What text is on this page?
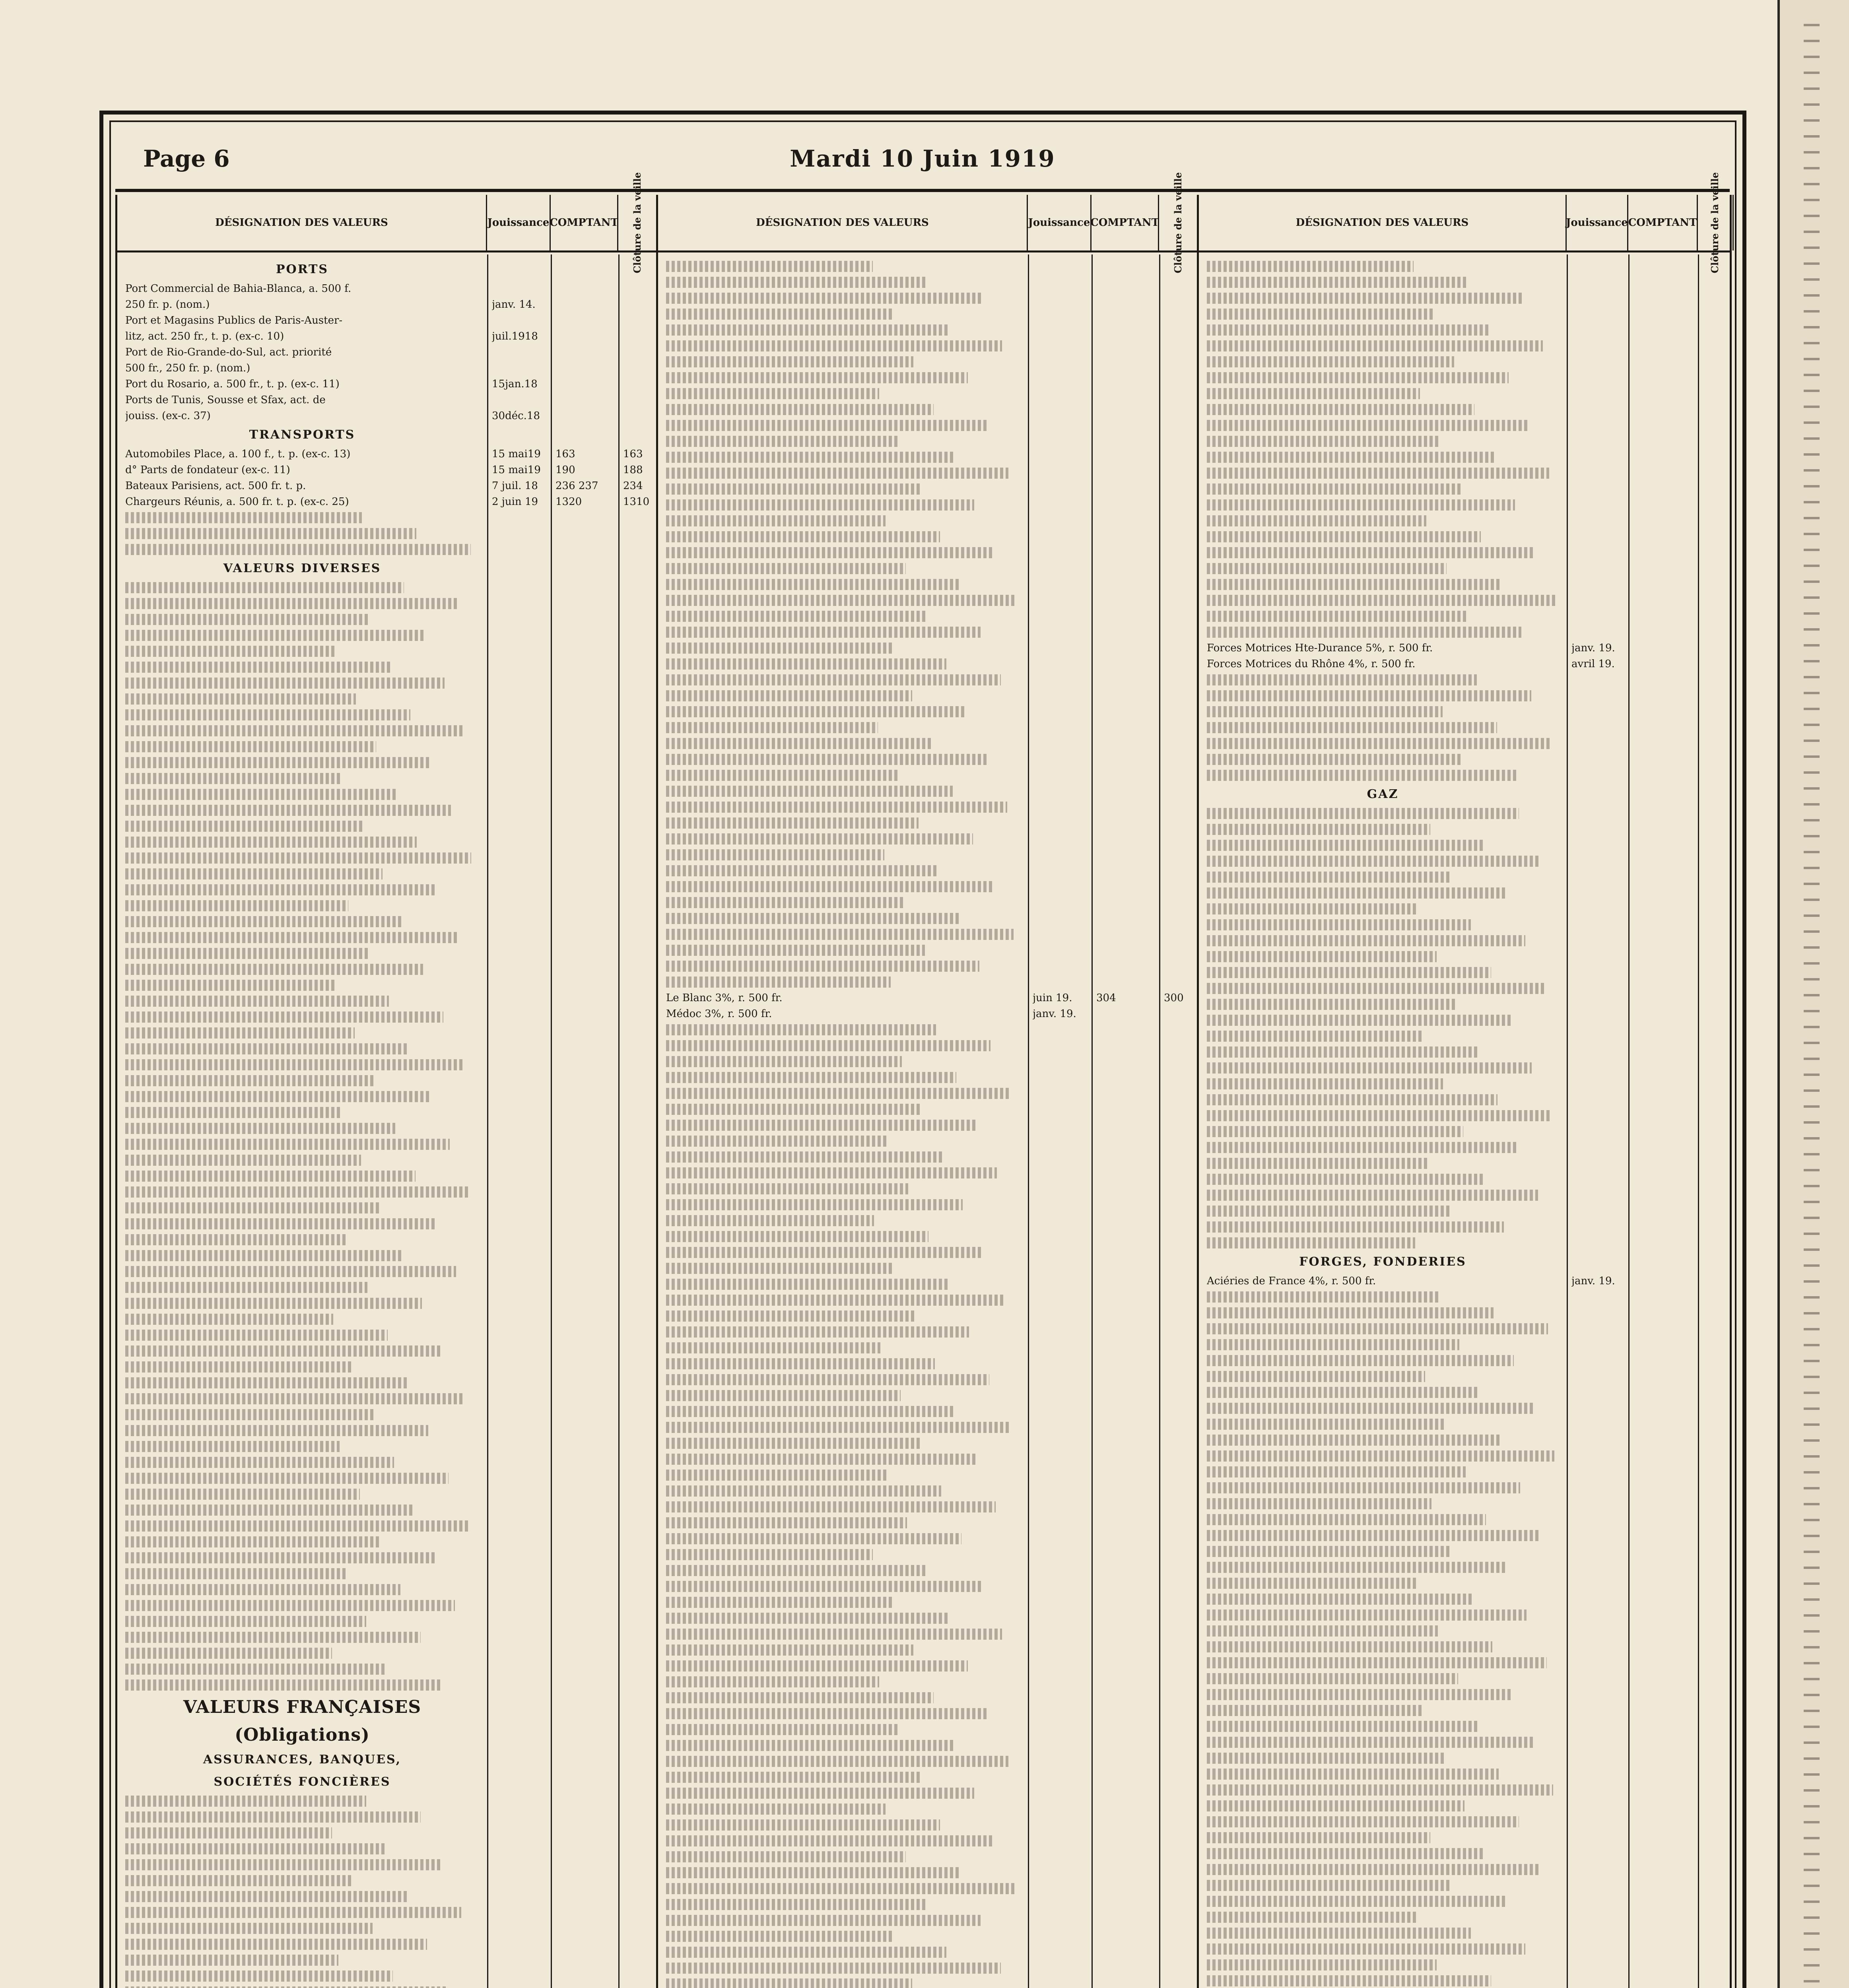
Page 6	Mardi 10 Juin 1919
DÉSIGNATION DES VALEURS	Jouissance COMPTANT Clôture de la veille
PORTS
Port Commercial de Bahia-Blanca, a. 500 f.
250 fr. p. (nom.)	janv. 14.
Port et Magasins Publics de Paris-Auster-
litz, act. 250 fr., t. p. (ex-c. 10)	juil.1918
Port de Rio-Grande-do-Sul, act. priorité
500 fr., 250 fr. p. (nom.)
Port du Rosario, a. 500 fr., t. p. (ex-c. 11)	15jan.18
Ports de Tunis, Sousse et Sfax, act. de
jouiss. (ex-c. 37)	30déc.18
TRANSPORTS
Automobiles Place, a. 100 f., t. p. (ex-c. 13)	15 mai19	163	163
d° Parts de fondateur (ex-c. 11)	15 mai19	190	188
Bateaux Parisiens, act. 500 fr. t. p.	7 juil. 18	236 237	234
Chargeurs Réunis, a. 500 fr. t. p. (ex-c. 25)	2 juin 19	1320	1310
VALEURS DIVERSES
VALEURS FRANÇAISES
(Obligations)
ASSURANCES, BANQUES,
SOCIÉTÉS FONCIÈRES
DÉSIGNATION DES VALEURS	Jouissance COMPTANT Clôture de la veille
Le Blanc 3%, r. 500 fr.	juin 19.	304	300
Médoc 3%, r. 500 fr.	janv. 19.
DÉSIGNATION DES VALEURS	Jouissance COMPTANT Clôture de la veille
Forces Motrices Hte-Durance 5%, r. 500 fr.	janv. 19.
Forces Motrices du Rhône 4%, r. 500 fr.	avril 19.
GAZ
FORGES, FONDERIES
Aciéries de France 4%, r. 500 fr.	janv. 19.
